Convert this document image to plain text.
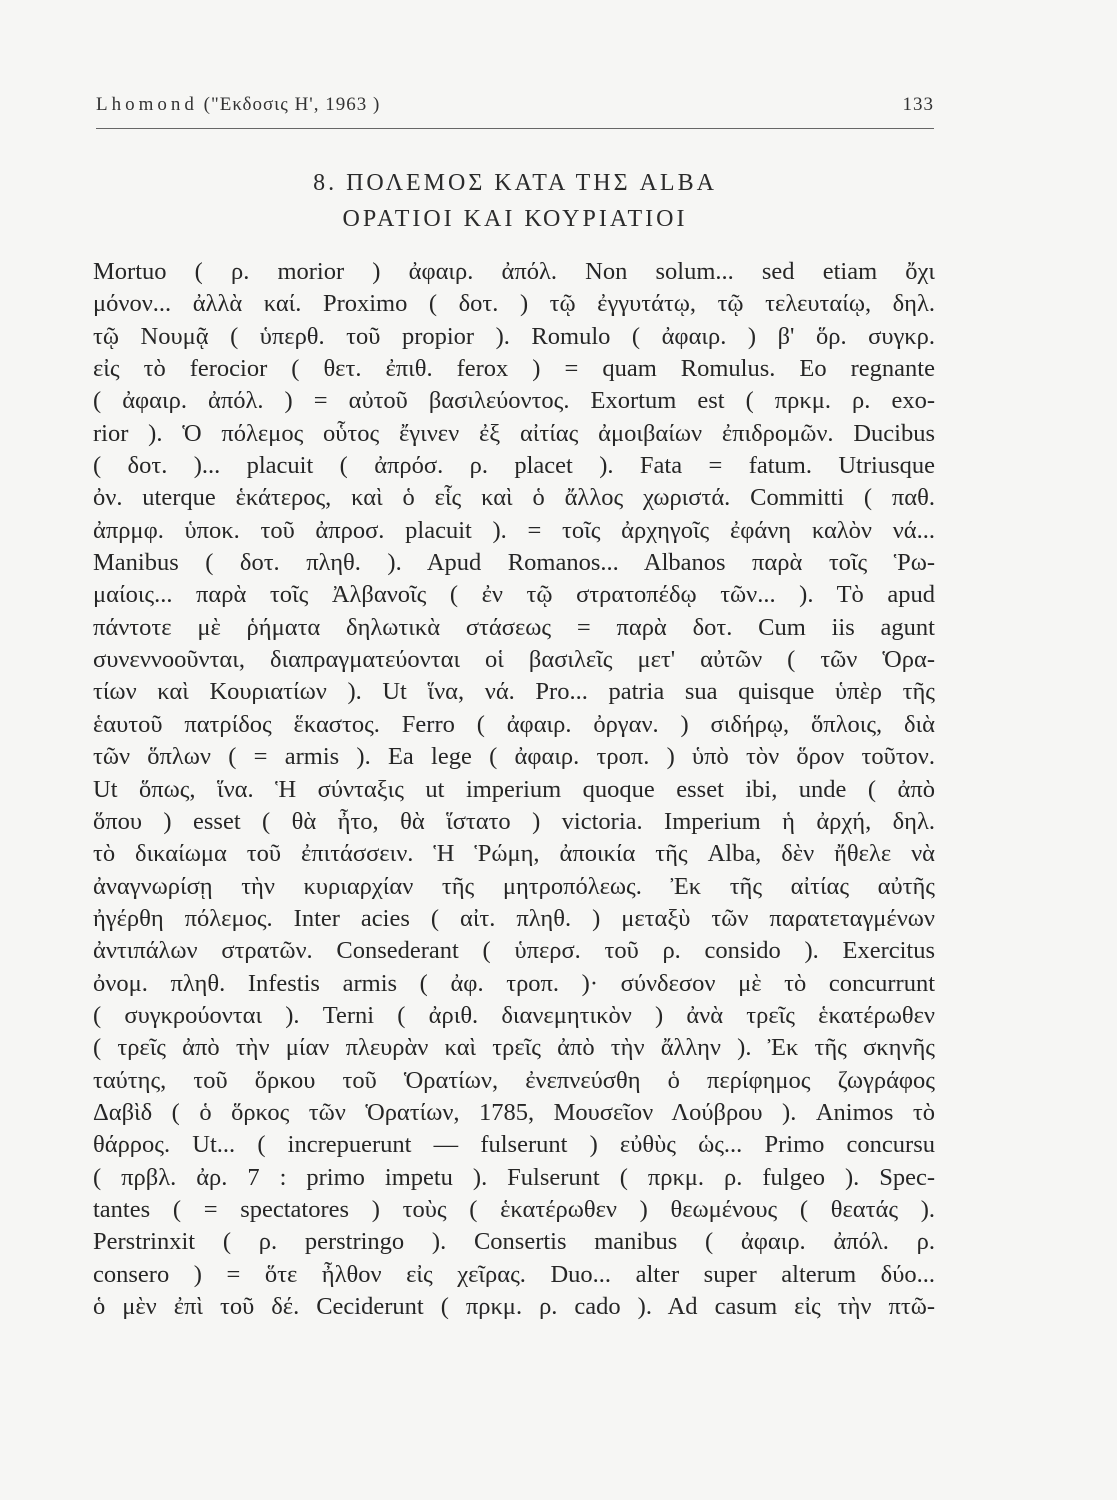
Lhomond ("Εκδοσις Η', 1963 )	133
8. ΠΟΛΕΜΟΣ ΚΑΤΑ ΤΗΣ ALBA
ΟΡΑΤΙΟΙ ΚΑΙ ΚΟΥΡΙΑΤΙΟΙ
Mortuo ( ρ. morior ) ἀφαιρ. ἀπόλ. Non solum... sed etiam ὄχι
μόνον... ἀλλὰ καί. Proximo ( δοτ. ) τῷ ἐγγυτάτῳ, τῷ τελευταίῳ, δηλ.
τῷ Νουμᾷ ( ὑπερθ. τοῦ propior ). Romulo ( ἀφαιρ. ) β' ὅρ. συγκρ.
εἰς τὸ ferocior ( θετ. ἐπιθ. ferox ) = quam Romulus. Eo regnante
( ἀφαιρ. ἀπόλ. ) = αὐτοῦ βασιλεύοντος. Exortum est ( πρκμ. ρ. exo-
rior ). Ὁ πόλεμος οὗτος ἔγινεν ἐξ αἰτίας ἀμοιβαίων ἐπιδρομῶν. Ducibus
( δοτ. )... placuit ( ἀπρόσ. ρ. placet ). Fata = fatum. Utriusque
ὀν. uterque ἑκάτερος, καὶ ὁ εἷς καὶ ὁ ἄλλος χωριστά. Committi ( παθ.
ἀπρμφ. ὑποκ. τοῦ ἀπροσ. placuit ). = τοῖς ἀρχηγοῖς ἐφάνη καλὸν νά...
Manibus ( δοτ. πληθ. ). Apud Romanos... Albanos παρὰ τοῖς Ῥω-
μαίοις... παρὰ τοῖς Ἀλβανοῖς ( ἐν τῷ στρατοπέδῳ τῶν... ). Τὸ apud
πάντοτε μὲ ῥήματα δηλωτικὰ στάσεως = παρὰ δοτ. Cum iis agunt
συνεννοοῦνται, διαπραγματεύονται οἱ βασιλεῖς μετ' αὐτῶν ( τῶν Ὁρα-
τίων καὶ Κουριατίων ). Ut ἵνα, νά. Pro... patria sua quisque ὑπὲρ τῆς
ἑαυτοῦ πατρίδος ἕκαστος. Ferro ( ἀφαιρ. ὀργαν. ) σιδήρῳ, ὅπλοις, διὰ
τῶν ὅπλων ( = armis ). Ea lege ( ἀφαιρ. τροπ. ) ὑπὸ τὸν ὅρον τοῦτον.
Ut ὅπως, ἵνα. Ἡ σύνταξις ut imperium quoque esset ibi, unde ( ἀπὸ
ὅπου ) esset ( θὰ ἦτο, θὰ ἵστατο ) victoria. Imperium ἡ ἀρχή, δηλ.
τὸ δικαίωμα τοῦ ἐπιτάσσειν. Ἡ Ῥώμη, ἀποικία τῆς Alba, δὲν ἤθελε νὰ
ἀναγνωρίσῃ τὴν κυριαρχίαν τῆς μητροπόλεως. Ἐκ τῆς αἰτίας αὐτῆς
ἠγέρθη πόλεμος. Inter acies ( αἰτ. πληθ. ) μεταξὺ τῶν παρατεταγμένων
ἀντιπάλων στρατῶν. Consederant ( ὑπερσ. τοῦ ρ. consido ). Exercitus
ὀνομ. πληθ. Infestis armis ( ἀφ. τροπ. )· σύνδεσον μὲ τὸ concurrunt
( συγκρούονται ). Terni ( ἀριθ. διανεμητικὸν ) ἀνὰ τρεῖς ἑκατέρωθεν
( τρεῖς ἀπὸ τὴν μίαν πλευρὰν καὶ τρεῖς ἀπὸ τὴν ἄλλην ). Ἐκ τῆς σκηνῆς
ταύτης, τοῦ ὅρκου τοῦ Ὁρατίων, ἐνεπνεύσθη ὁ περίφημος ζωγράφος
Δαβὶδ ( ὁ ὅρκος τῶν Ὁρατίων, 1785, Μουσεῖον Λούβρου ). Animos τὸ
θάρρος. Ut... ( increpuerunt — fulserunt ) εὐθὺς ὡς... Primo concursu
( πρβλ. ἀρ. 7 : primo impetu ). Fulserunt ( πρκμ. ρ. fulgeo ). Spec-
tantes ( = spectatores ) τοὺς ( ἑκατέρωθεν ) θεωμένους ( θεατάς ).
Perstrinxit ( ρ. perstringo ). Consertis manibus ( ἀφαιρ. ἀπόλ. ρ.
consero ) = ὅτε ἦλθον εἰς χεῖρας. Duo... alter super alterum δύο...
ὁ μὲν ἐπὶ τοῦ δέ. Ceciderunt ( πρκμ. ρ. cado ). Ad casum εἰς τὴν πτῶ-
